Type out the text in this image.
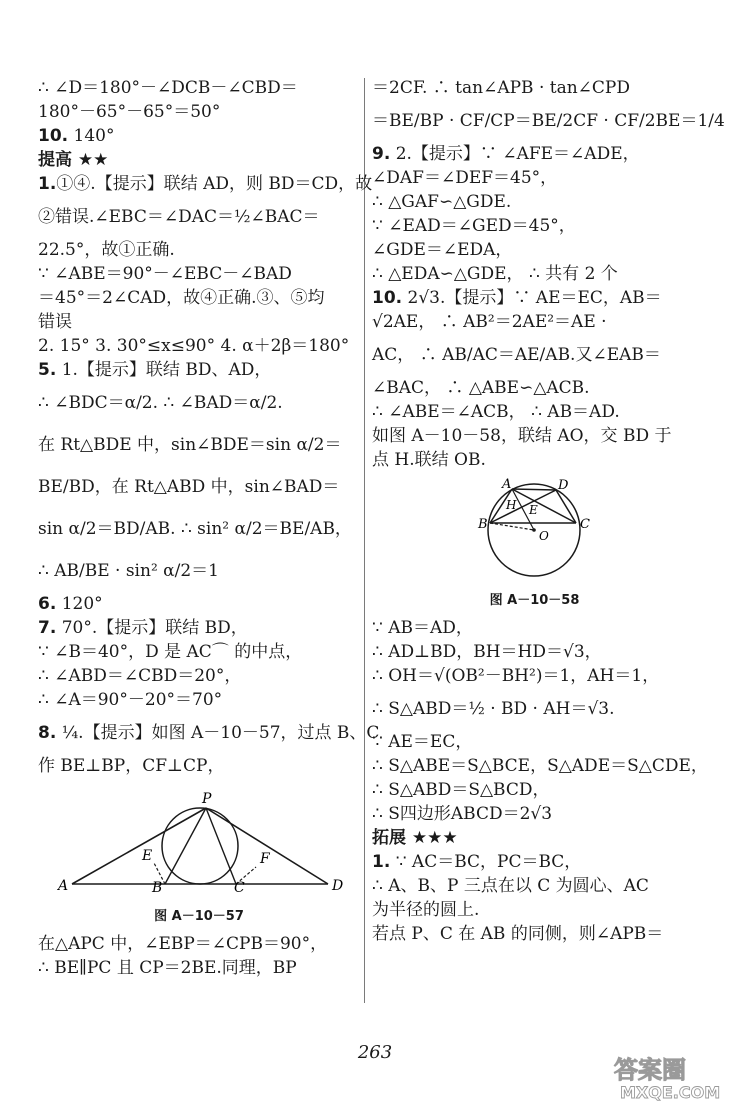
∴ ∠D＝180°－∠DCB－∠CBD＝
180°－65°－65°＝50°
10. 140°
提高 ★★
1.①④.【提示】联结 AD，则 BD＝CD，故
②错误.∠EBC＝∠DAC＝½∠BAC＝
22.5°，故①正确.
∵ ∠ABE＝90°－∠EBC－∠BAD
＝45°＝2∠CAD，故④正确.③、⑤均
错误
2. 15° 3. 30°≤x≤90° 4. α＋2β＝180°
5. 1.【提示】联结 BD、AD，
∴ ∠BDC＝α/2. ∴ ∠BAD＝α/2.
在 Rt△BDE 中，sin∠BDE＝sin α/2＝
BE/BD，在 Rt△ABD 中，sin∠BAD＝
sin α/2＝BD/AB. ∴ sin² α/2＝BE/AB，
∴ AB/BE · sin² α/2＝1
6. 120°
7. 70°.【提示】联结 BD，
∵ ∠B＝40°，D 是 AC⌒ 的中点，
∴ ∠ABD＝∠CBD＝20°，
∴ ∠A＝90°－20°＝70°
8. ¼.【提示】如图 A－10－57，过点 B、C
作 BE⊥BP，CF⊥CP，
A	B	C	D
E	F
P
图 A－10－57
在△APC 中，∠EBP＝∠CPB＝90°，
∴ BE∥PC 且 CP＝2BE.同理，BP
＝2CF. ∴ tan∠APB · tan∠CPD
＝BE/BP · CF/CP＝BE/2CF · CF/2BE＝1/4
9. 2.【提示】∵ ∠AFE＝∠ADE，
∠DAF＝∠DEF＝45°，
∴ △GAF∽△GDE.
∵ ∠EAD＝∠GED＝45°，
∠GDE＝∠EDA，
∴ △EDA∽△GDE， ∴ 共有 2 个
10. 2√3.【提示】∵ AE＝EC，AB＝
√2AE， ∴ AB²＝2AE²＝AE ·
AC， ∴ AB/AC＝AE/AB.又∠EAB＝
∠BAC， ∴ △ABE∽△ACB.
∴ ∠ABE＝∠ACB， ∴ AB＝AD.
如图 A－10－58，联结 AO，交 BD 于
点 H.联结 OB.
B	C
A	D
E
H
O
图 A－10－58
∵ AB＝AD，
∴ AD⊥BD，BH＝HD＝√3，
∴ OH＝√(OB²－BH²)＝1，AH＝1，
∴ S△ABD＝½ · BD · AH＝√3.
∵ AE＝EC，
∴ S△ABE＝S△BCE，S△ADE＝S△CDE，
∴ S△ABD＝S△BCD，
∴ S四边形ABCD＝2√3
拓展 ★★★
1. ∵ AC＝BC，PC＝BC，
∴ A、B、P 三点在以 C 为圆心、AC
为半径的圆上.
若点 P、C 在 AB 的同侧，则∠APB＝
263
答案圈
MXQE.COM
